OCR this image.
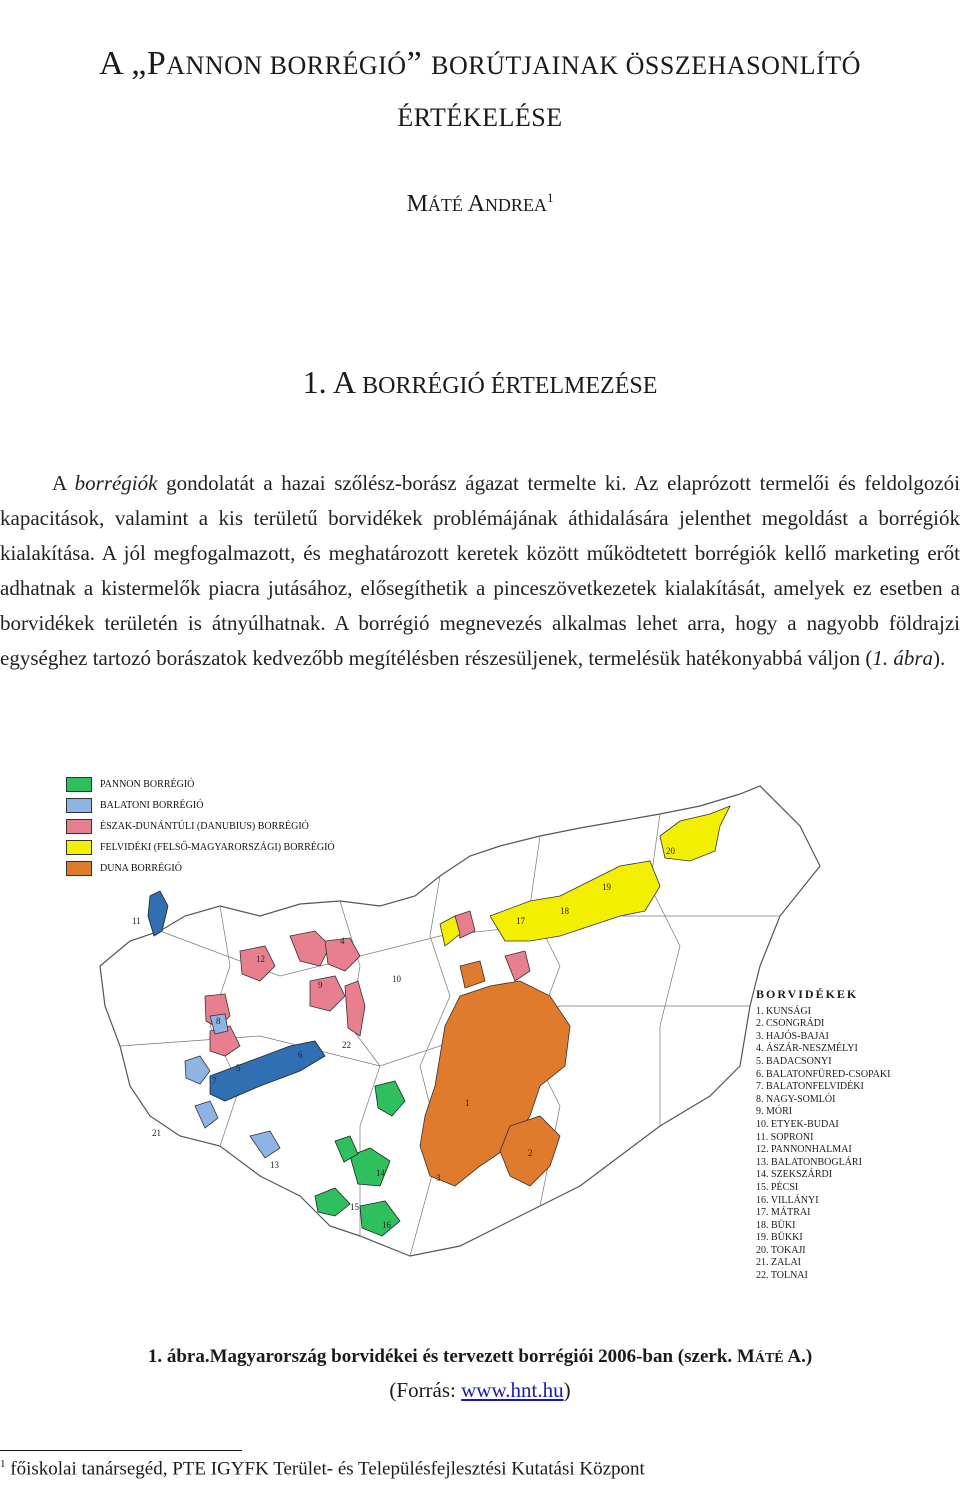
A „PANNON BORRÉGIÓ” BORÚTJAINAK ÖSSZEHASONLÍTÓ
ÉRTÉKELÉSE
MÁTÉ ANDREA$^1$
1. A BORRÉGIÓ ÉRTELMEZÉSE

A borrégiók gondolatát a hazai szőlész-borász ágazat termelte ki. Az elaprózott termelői és feldolgozói kapacitások, valamint a kis területű borvidékek problémájának áthidalására jelenthet megoldást a borrégiók kialakítása. A jól megfogalmazott, és meghatározott keretek között működtetett borrégiók kellő marketing erőt adhatnak a kistermelők piacra jutásához, elősegíthetik a pinceszövetkezetek kialakítását, amelyek ez esetben a borvidékek területén is átnyúlhatnak. A borrégió megnevezés alkalmas lehet arra, hogy a nagyobb földrajzi egységhez tartozó borászatok kedvezőbb megítélésben részesüljenek, termelésük hatékonyabbá váljon (1. ábra).

1
2
3
4
5
6
7
8
9
10
11
12
13
14
15
16
17
18
19
20
21
22
PANNON BORRÉGIÓ
BALATONI BORRÉGIÓ
ÉSZAK-DUNÁNTÚLI (DANUBIUS) BORRÉGIÓ
FELVIDÉKI (FELSŐ-MAGYARORSZÁGI) BORRÉGIÓ
DUNA BORRÉGIÓ
BORVIDÉKEK
1. KUNSÁGI
2. CSONGRÁDI
3. HAJÓS-BAJAI
4. ÁSZÁR-NESZMÉLYI
5. BADACSONYI
6. BALATONFÜRED-CSOPAKI
7. BALATONFELVIDÉKI
8. NAGY-SOMLÓI
9. MÓRI
10. ETYEK-BUDAI
11. SOPRONI
12. PANNONHALMAI
13. BALATONBOGLÁRI
14. SZEKSZÁRDI
15. PÉCSI
16. VILLÁNYI
17. MÁTRAI
18. BÜKI
19. BÜKKI
20. TOKAJI
21. ZALAI
22. TOLNAI
1. ábra.Magyarország borvidékei és tervezett borrégiói 2006-ban (szerk. MÁTÉ A.)
(Forrás: www.hnt.hu)
$^1$ főiskolai tanársegéd, PTE IGYFK Terület- és Településfejlesztési Kutatási Központ
